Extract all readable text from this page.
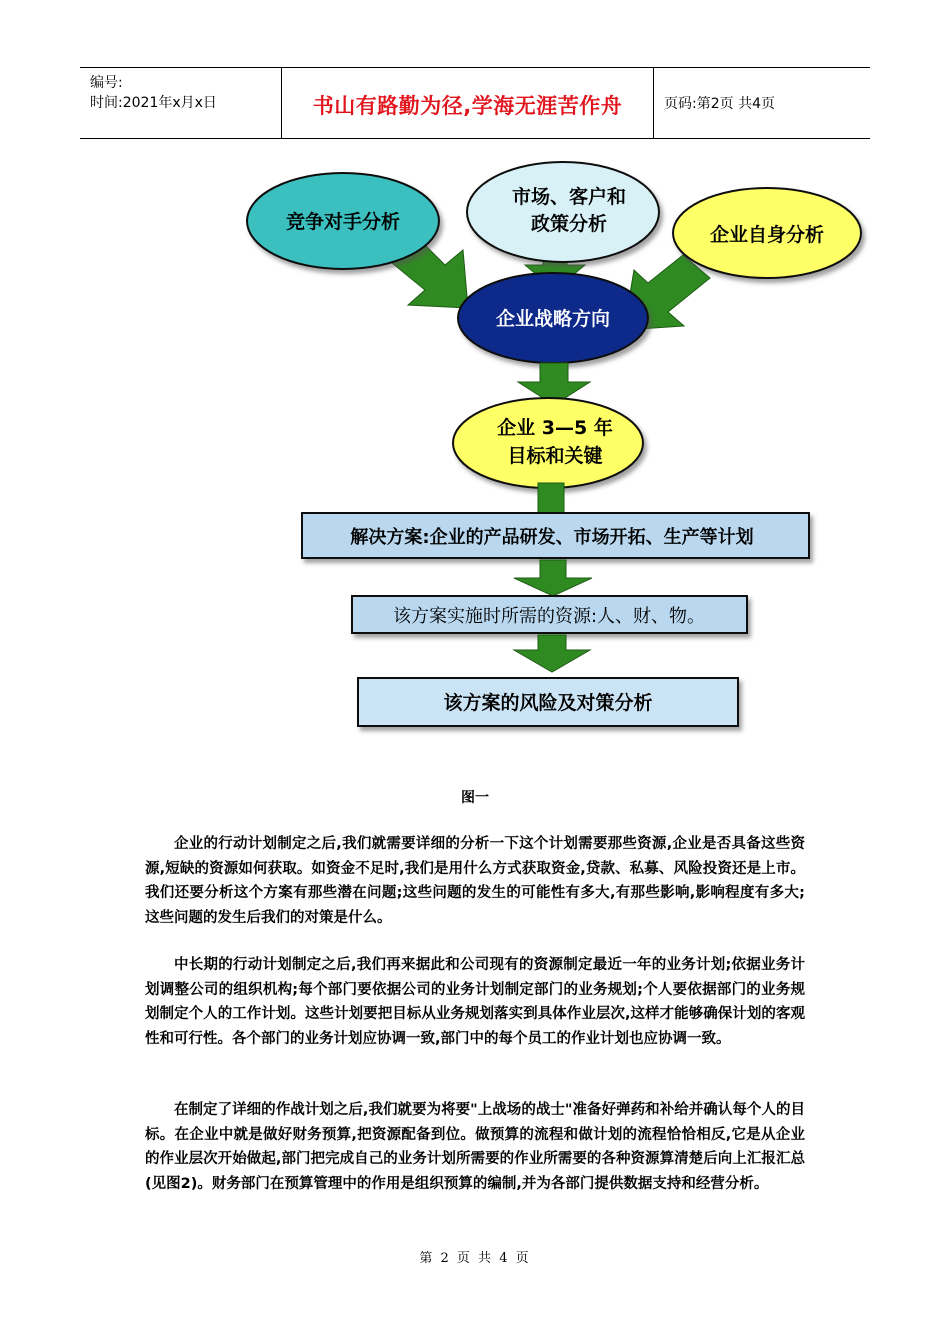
编号:
时间:2021年x月x日	书山有路勤为径,学海无涯苦作舟	页码:第2页 共4页
竞争对手分析
市场、客户和
政策分析	企业自身分析
企业战略方向
企业 3—5 年
目标和关键
解决方案:企业的产品研发、市场开拓、生产等计划
该方案实施时所需的资源:人、财、物。
该方案的风险及对策分析
图一

企业的行动计划制定之后,我们就需要详细的分析一下这个计划需要那些资源,企业是否具备这些资源,短缺的资源如何获取。如资金不足时,我们是用什么方式获取资金,贷款、私募、风险投资还是上市。我们还要分析这个方案有那些潜在问题;这些问题的发生的可能性有多大,有那些影响,影响程度有多大;这些问题的发生后我们的对策是什么。

中长期的行动计划制定之后,我们再来据此和公司现有的资源制定最近一年的业务计划;依据业务计划调整公司的组织机构;每个部门要依据公司的业务计划制定部门的业务规划;个人要依据部门的业务规划制定个人的工作计划。这些计划要把目标从业务规划落实到具体作业层次,这样才能够确保计划的客观性和可行性。各个部门的业务计划应协调一致,部门中的每个员工的作业计划也应协调一致。

在制定了详细的作战计划之后,我们就要为将要"上战场的战士"准备好弹药和补给并确认每个人的目标。在企业中就是做好财务预算,把资源配备到位。做预算的流程和做计划的流程恰恰相反,它是从企业的作业层次开始做起,部门把完成自己的业务计划所需要的作业所需要的各种资源算清楚后向上汇报汇总(见图2)。财务部门在预算管理中的作用是组织预算的编制,并为各部门提供数据支持和经营分析。

第 2 页 共 4 页
